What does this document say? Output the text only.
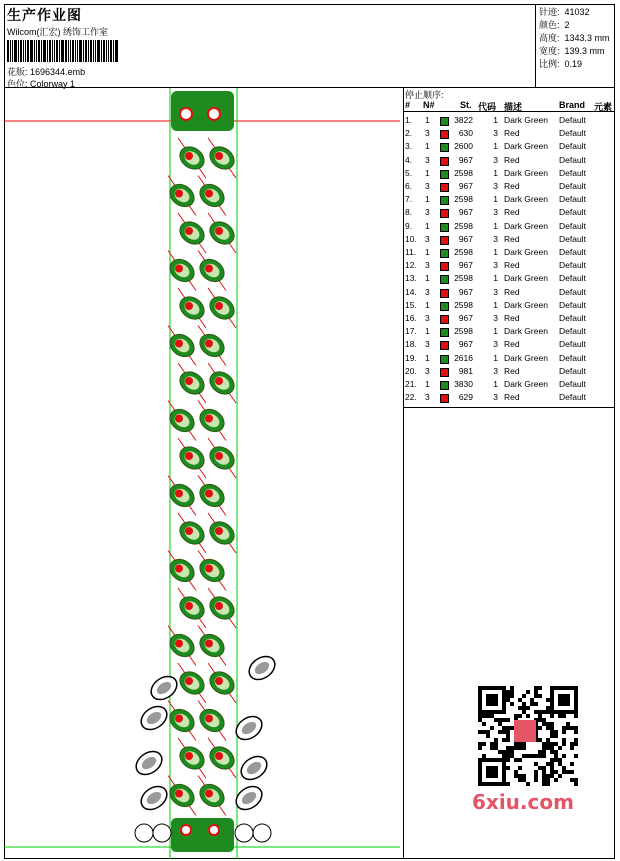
生产作业图
Wilcom(汇宏) 绣饰工作室
花版: 1696344.emb
色位: Colorway 1
针迹: 41032
颜色: 2
高度: 1343.3 mm
宽度: 139.3 mm
比例: 0.19
停止顺序:
# N#	St. 代码 描述	Brand 元素
1. 1	3822	1 Dark Green Default
2. 3	630	3 Red	Default
3. 1	2600	1 Dark Green Default
4. 3	967	3 Red	Default
5. 1	2598	1 Dark Green Default
6. 3	967	3 Red	Default
7. 1	2598	1 Dark Green Default
8. 3	967	3 Red	Default
9. 1	2598	1 Dark Green Default
10. 3	967	3 Red	Default
11. 1	2598	1 Dark Green Default
12. 3	967	3 Red	Default
13. 1	2598	1 Dark Green Default
14. 3	967	3 Red	Default
15. 1	2598	1 Dark Green Default
16. 3	967	3 Red	Default
17. 1	2598	1 Dark Green Default
18. 3	967	3 Red	Default
19. 1	2616	1 Dark Green Default
20. 3	981	3 Red	Default
21. 1	3830	1 Dark Green Default
22. 3	629	3 Red	Default
6xiu.com
